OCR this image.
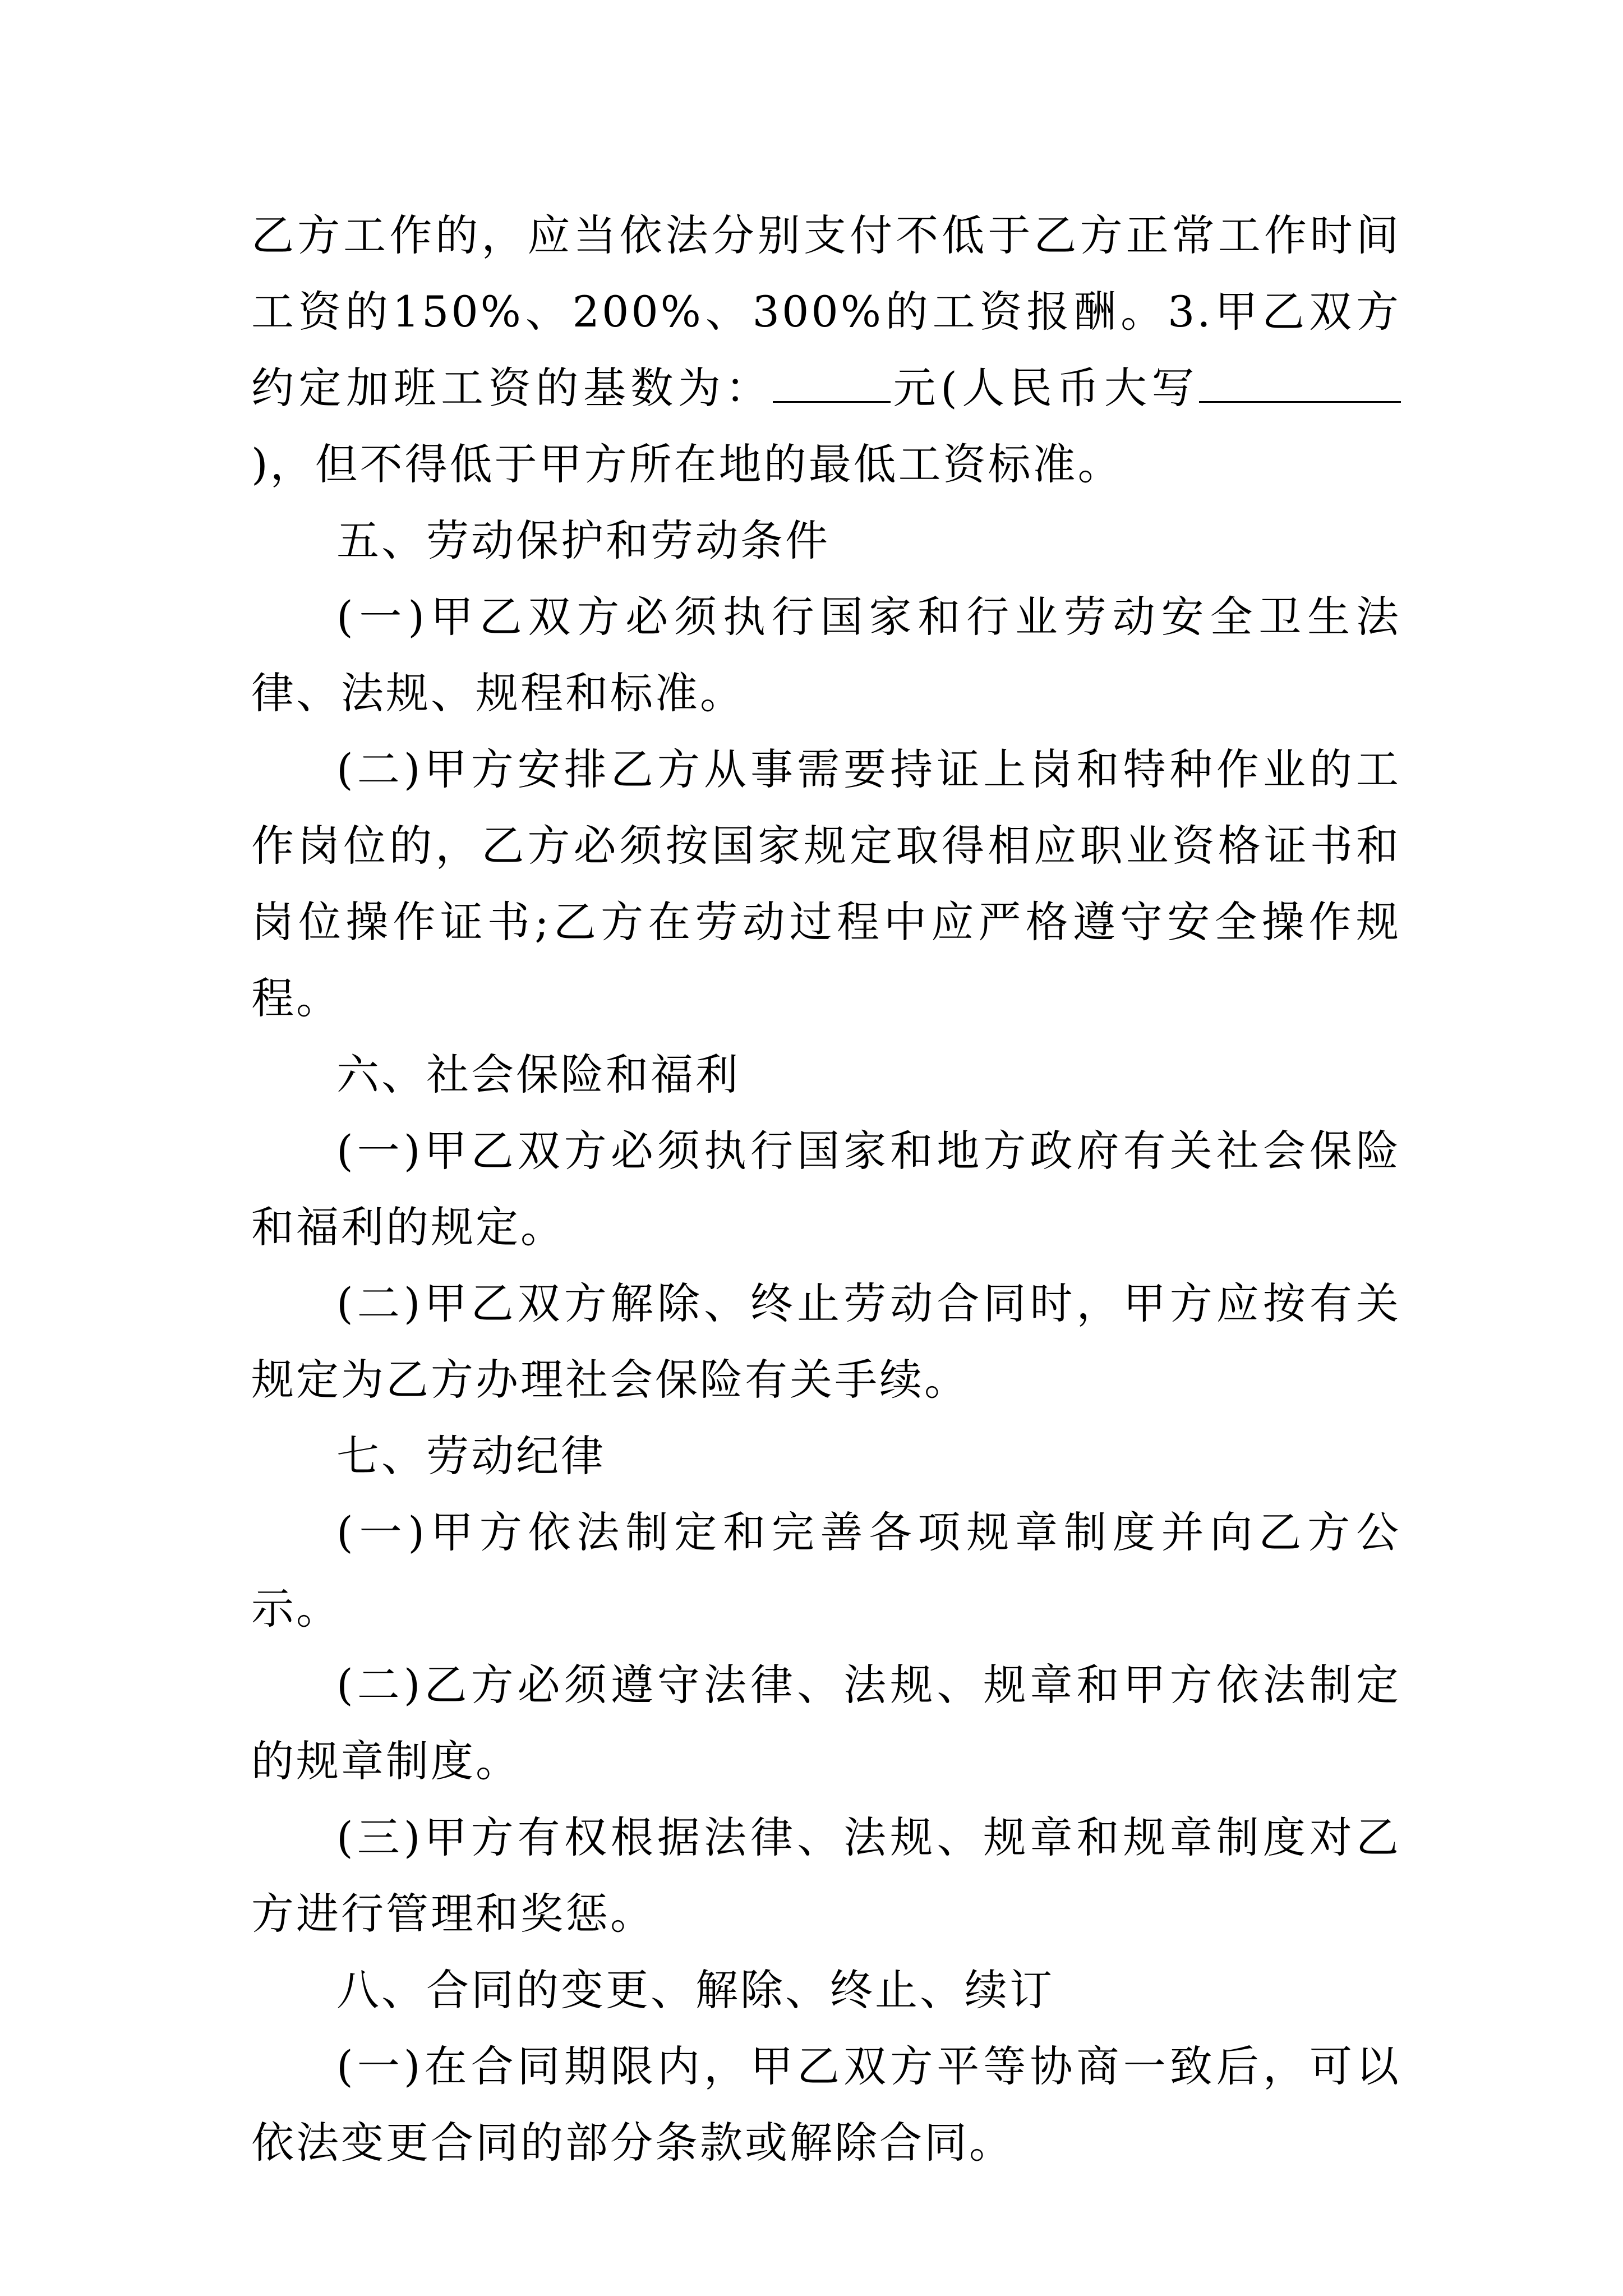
乙方工作的，应当依法分别支付不低于乙方正常工作时间工资的150%、200%、300%的工资报酬。3.甲乙双方约定加班工资的基数为：	元(人民币大写)，但不得低于甲方所在地的最低工资标准。

五、劳动保护和劳动条件

(一)甲乙双方必须执行国家和行业劳动安全卫生法律、法规、规程和标准。

(二)甲方安排乙方从事需要持证上岗和特种作业的工作岗位的，乙方必须按国家规定取得相应职业资格证书和岗位操作证书;乙方在劳动过程中应严格遵守安全操作规程。

六、社会保险和福利

(一)甲乙双方必须执行国家和地方政府有关社会保险和福利的规定。

(二)甲乙双方解除、终止劳动合同时，甲方应按有关规定为乙方办理社会保险有关手续。

七、劳动纪律

(一)甲方依法制定和完善各项规章制度并向乙方公示。

(二)乙方必须遵守法律、法规、规章和甲方依法制定的规章制度。

(三)甲方有权根据法律、法规、规章和规章制度对乙方进行管理和奖惩。

八、合同的变更、解除、终止、续订

(一)在合同期限内，甲乙双方平等协商一致后，可以依法变更合同的部分条款或解除合同。
